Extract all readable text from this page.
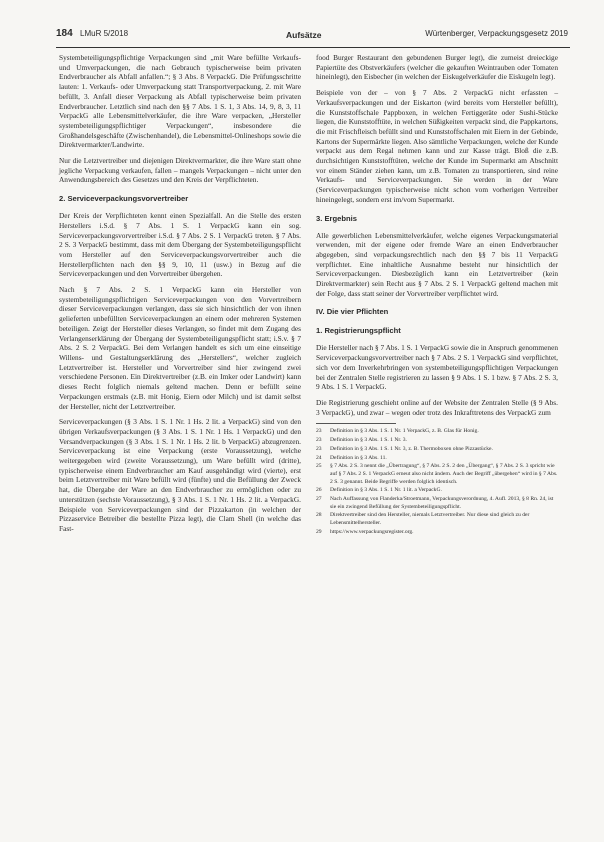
184 LMuR 5/2018	Aufsätze	Würtenberger, Verpackungsgesetz 2019

Systembeteiligungspflichtige Verpackungen sind „mit Ware befüllte Verkaufs- und Umverpackungen, die nach Gebrauch typischerweise beim privaten Endverbraucher als Abfall anfallen.“; § 3 Abs. 8 VerpackG. Die Prüfungsschritte lauten: 1. Verkaufs- oder Umverpackung statt Transportverpackung, 2. mit Ware befüllt, 3. Anfall dieser Verpackung als Abfall typischerweise beim privaten Endverbraucher. Letztlich sind nach den §§ 7 Abs. 1 S. 1, 3 Abs. 14, 9, 8, 3, 11 VerpackG alle Lebensmittelverkäufer, die ihre Ware verpacken, „Hersteller systembeteiligungspflichtiger Verpackungen“, insbesondere die Großhandelsgeschäfte (Zwischenhandel), die Lebensmittel-Onlineshops sowie die Direktvermarkter/Landwirte.

Nur die Letztvertreiber und diejenigen Direktvermarkter, die ihre Ware statt ohne jegliche Verpackung verkaufen, fallen – mangels Verpackungen – nicht unter den Anwendungsbereich des Gesetzes und den Kreis der Verpflichteten.

2. Serviceverpackungsvorvertreiber

Der Kreis der Verpflichteten kennt einen Spezialfall. An die Stelle des ersten Herstellers i.S.d. § 7 Abs. 1 S. 1 VerpackG kann ein sog. Serviceverpackungsvorvertreiber i.S.d. § 7 Abs. 2 S. 1 VerpackG treten. § 7 Abs. 2 S. 3 VerpackG bestimmt, dass mit dem Übergang der Systembeteiligungspflicht vom Hersteller auf den Serviceverpackungsvorvertreiber auch die Herstellerpflichten nach den §§ 9, 10, 11 (usw.) in Bezug auf die Serviceverpackungen und den Vorvertreiber übergehen.

Nach § 7 Abs. 2 S. 1 VerpackG kann ein Hersteller von systembeteiligungspflichtigen Serviceverpackungen von den Vorvertreibern dieser Serviceverpackungen verlangen, dass sie sich hinsichtlich der von ihnen gelieferten unbefüllten Serviceverpackungen an einem oder mehreren Systemen beteiligen. Zeigt der Hersteller dieses Verlangen, so findet mit dem Zugang des Verlangenserklärung der Übergang der Systembeteiligungspflicht statt; i.S.v. § 7 Abs. 2 S. 2 VerpackG. Bei dem Verlangen handelt es sich um eine einseitige Willens- und Gestaltungserklärung des „Herstellers“, welcher zugleich Letztvertreiber ist. Hersteller und Vorvertreiber sind hier zwingend zwei verschiedene Personen. Ein Direktvertreiber (z.B. ein Imker oder Landwirt) kann dieses Recht folglich niemals geltend machen. Denn er befüllt seine Verpackungen erstmals (z.B. mit Honig, Eiern oder Milch) und ist damit selbst der Hersteller, nicht der Letztvertreiber.

Serviceverpackungen (§ 3 Abs. 1 S. 1 Nr. 1 Hs. 2 lit. a VerpackG) sind von den übrigen Verkaufsverpackungen (§ 3 Abs. 1 S. 1 Nr. 1 Hs. 1 VerpackG) und den Versandverpackungen (§ 3 Abs. 1 S. 1 Nr. 1 Hs. 2 lit. b VerpackG) abzugrenzen. Serviceverpackung ist eine Verpackung (erste Voraussetzung), welche weitergegeben wird (zweite Voraussetzung), um Ware befüllt wird (dritte), typischerweise einem Endverbraucher am Kauf ausgehändigt wird (vierte), erst beim Letztvertreiber mit Ware befüllt wird (fünfte) und die Befüllung der Zweck hat, die Übergabe der Ware an den Endverbraucher zu ermöglichen oder zu unterstützen (sechste Voraussetzung), § 3 Abs. 1 S. 1 Nr. 1 Hs. 2 lit. a VerpackG. Beispiele von Serviceverpackungen sind der Pizzakarton (in welchen der Pizzaservice Betreiber die bestellte Pizza legt), die Clam Shell (in welche das Fast-

food Burger Restaurant den gebundenen Burger legt), die zumeist dreieckige Papiertüte des Obstverkäufers (welcher die gekauften Weintrauben oder Tomaten hineinlegt), den Eisbecher (in welchen der Eiskugelverkäufer die Eiskugeln legt).

Beispiele von der – von § 7 Abs. 2 VerpackG nicht erfassten – Verkaufsverpackungen und der Eiskarton (wird bereits vom Hersteller befüllt), die Kunststoffschale Pappboxen, in welchen Fertiggeräte oder Sushi-Stücke liegen, die Kunststofftüte, in welchen Süßigkeiten verpackt sind, die Pappkartons, die mit Frischfleisch befüllt sind und Kunststoffschalen mit Eiern in der Gebinde, Kartons der Supermärkte liegen. Also sämtliche Verpackungen, welche der Kunde verpackt aus dem Regal nehmen kann und zur Kasse trägt. Bloß die z.B. durchsichtigen Kunststofftüten, welche der Kunde im Supermarkt am Abschnitt vor einem Ständer ziehen kann, um z.B. Tomaten zu transportieren, sind reine Verkaufs- und Serviceverpackungen. Sie werden in der Ware (Serviceverpackungen typischerweise nicht schon vom vorherigen Vertreiber hineingelegt, sondern erst im/vom Supermarkt.

3. Ergebnis

Alle gewerblichen Lebensmittelverkäufer, welche eigenes Verpackungsmaterial verwenden, mit der eigene oder fremde Ware an einen Endverbraucher abgegeben, sind verpackungsrechtlich nach den §§ 7 bis 11 VerpackG verpflichtet. Eine inhaltliche Ausnahme besteht nur hinsichtlich der Serviceverpackungen. Diesbezüglich kann ein Letztvertreiber (kein Direktvermarkter) sein Recht aus § 7 Abs. 2 S. 1 VerpackG geltend machen mit der Folge, dass statt seiner der Vorvertreiber verpflichtet wird.

IV. Die vier Pflichten
1. Registrierungspflicht

Die Hersteller nach § 7 Abs. 1 S. 1 VerpackG sowie die in Anspruch genommenen Serviceverpackungsvorvertreiber nach § 7 Abs. 2 S. 1 VerpackG sind verpflichtet, sich vor dem Inverkehrbringen von systembeteiligungspflichtigen Verpackungen bei der Zentralen Stelle registrieren zu lassen § 9 Abs. 1 S. 1 bzw. § 7 Abs. 2 S. 3, 9 Abs. 1 S. 1 VerpackG.

Die Registrierung geschieht online auf der Website der Zentralen Stelle (§ 9 Abs. 3 VerpackG), und zwar – wegen oder trotz des Inkrafttretens des VerpackG zum

23	Definition in § 3 Abs. 1 S. 1 Nr. 1 VerpackG, z. B. Glas für Honig.
23	Definition in § 3 Abs. 1 S. 1 Nr. 3.
23	Definition in § 3 Abs. 1 S. 1 Nr. 3, z. B. Thermoboxen ohne Pizzastücke.
24	Definition in § 3 Abs. 11.
25	§ 7 Abs. 2 S. 3 nennt die „Übertragung“, § 7 Abs. 2 S. 2 den „Übergang“, § 7 Abs. 2 S. 3 spricht wie auf § 7 Abs. 2 S. 1 VerpackG erneut also nicht ändern. Auch der Begriff „übergehen“ wird in § 7 Abs. 2 S. 3 genannt. Beide Begriffe werden folglich identisch.
26	Definition in § 3 Abs. 1 S. 1 Nr. 1 lit. a VerpackG.
27	Nach Auffassung von Flanderka/Stroetmann, Verpackungsverordnung, 4. Aufl. 2013, § 8 Rn. 24, ist sie ein zwingend Befüllung der Systembeteiligungspflicht.
28	Direktvertreiber sind den Hersteller, niemals Letztvertreiber. Nur diese sind gleich zu der Lebensmittelhersteller.
29	https://www.verpackungsregister.org.
